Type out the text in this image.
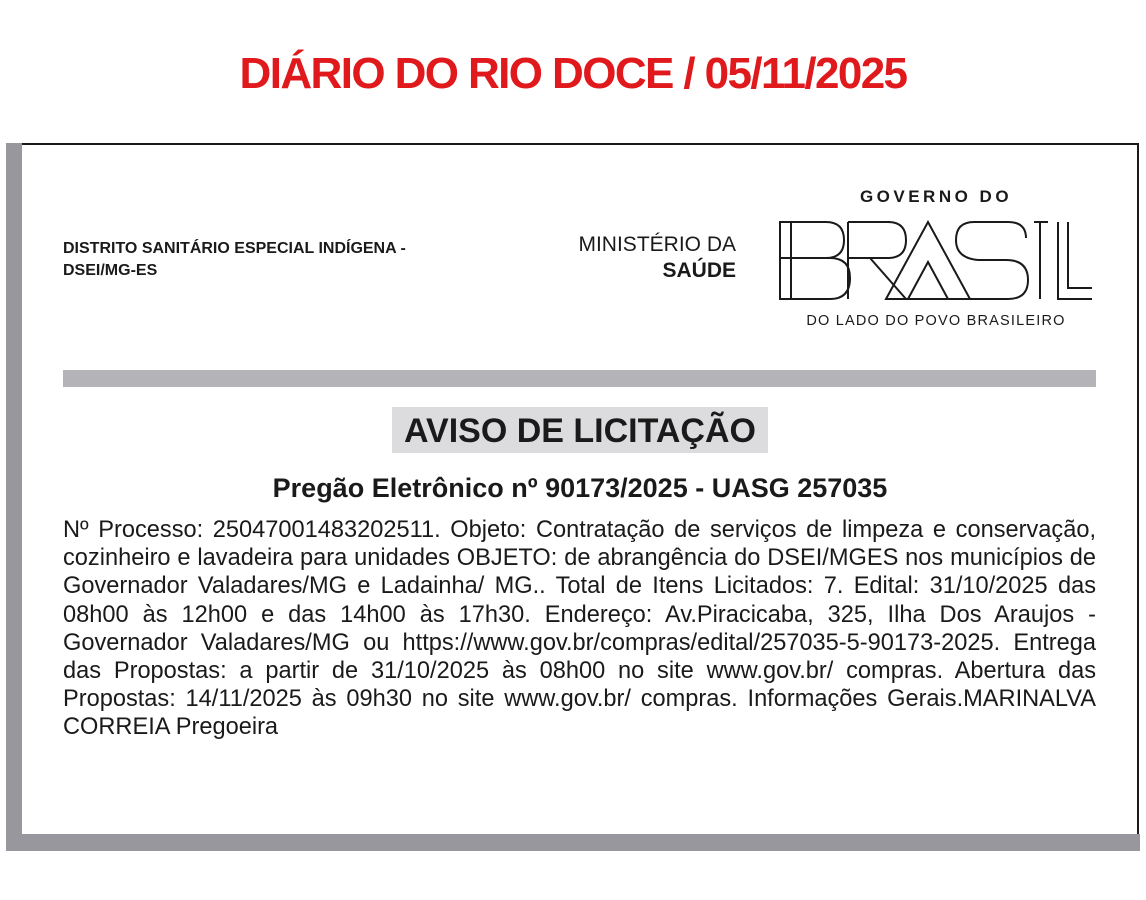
DIÁRIO DO RIO DOCE / 05/11/2025
DISTRITO SANITÁRIO ESPECIAL INDÍGENA -
DSEI/MG-ES
MINISTÉRIO DA
SAÚDE
GOVERNO DO
DO LADO DO POVO BRASILEIRO
AVISO DE LICITAÇÃO
Pregão Eletrônico nº 90173/2025 - UASG 257035
Nº Processo: 25047001483202511. Objeto: Contratação de serviços de limpeza e conservação, cozinheiro e lavadeira para unidades OBJETO: de abrangência do DSEI/MGES nos municípios de Governador Valadares/MG e Ladainha/ MG.. Total de Itens Licitados: 7. Edital: 31/10/2025 das 08h00 às 12h00 e das 14h00 às 17h30. Endereço: Av.Piracicaba, 325, Ilha Dos Araujos - Governador Valadares/MG ou https://www.gov.br/compras/edital/257035-5-90173-2025. Entrega das Propostas: a partir de 31/10/2025 às 08h00 no site www.gov.br/ compras. Abertura das Propostas: 14/11/2025 às 09h30 no site www.gov.br/ compras. Informações Gerais.MARINALVA CORREIA Pregoeira
